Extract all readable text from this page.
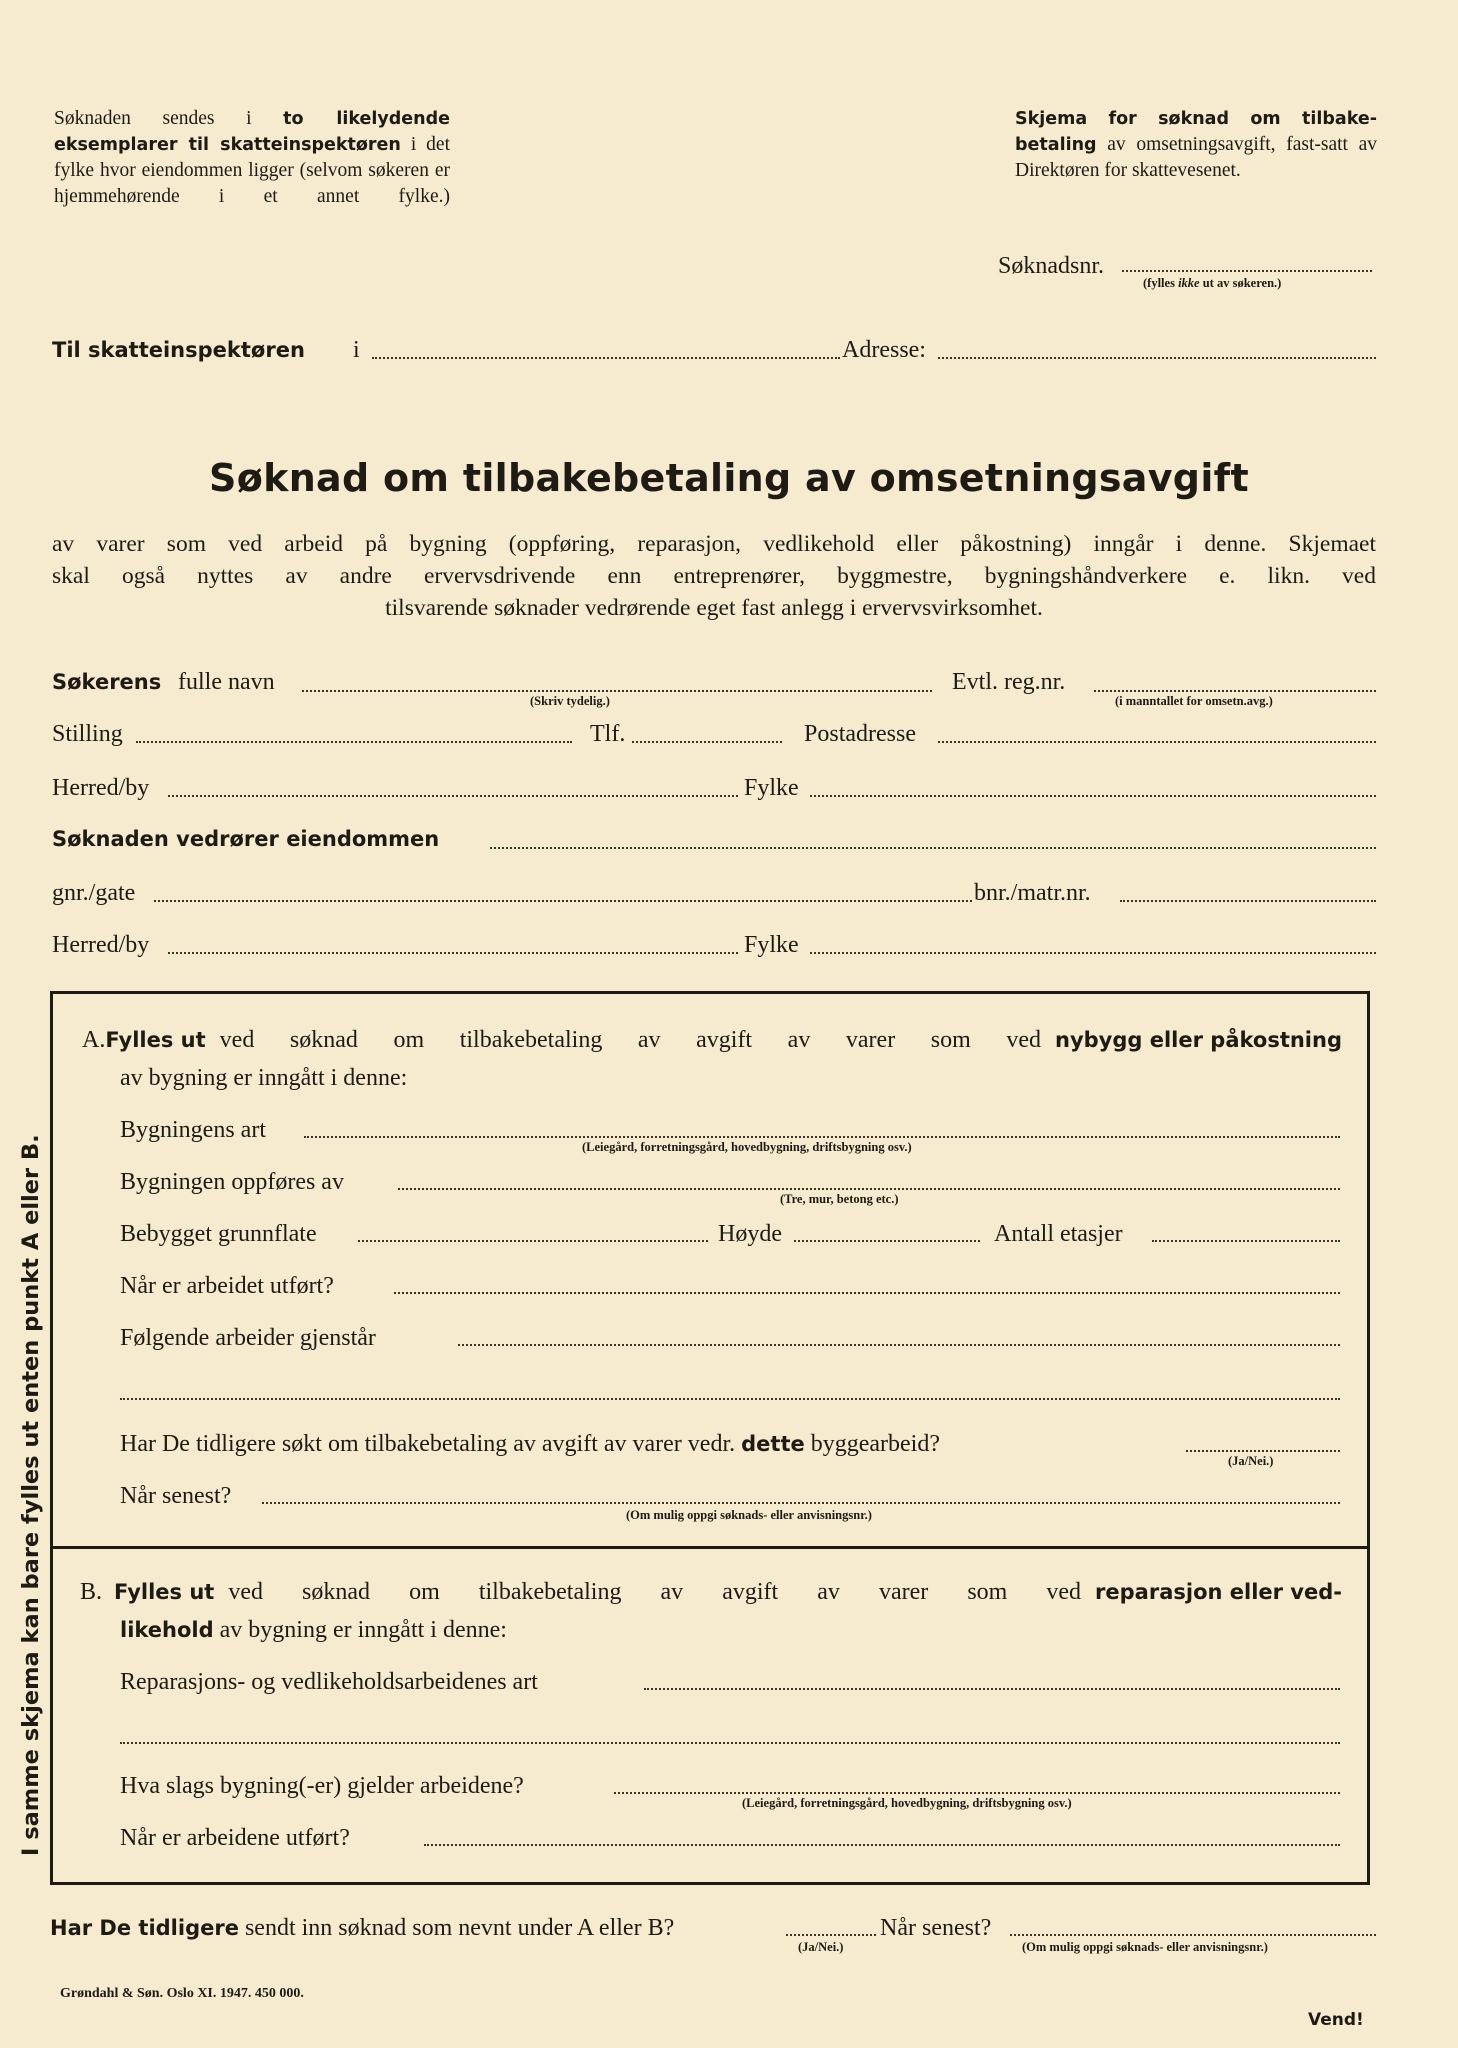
Søknaden sendes i to likelydende eksemplarer til skatteinspektøren i det fylke hvor eiendommen ligger (selvom søkeren er hjemmehørende i et annet fylke.)
Skjema for søknad om tilbake-betaling av omsetningsavgift, fast-satt av Direktøren for skattevesenet.
Søknadsnr.
(fylles ikke ut av søkeren.)
Til skatteinspektøren i	Adresse:
Søknad om tilbakebetaling av omsetningsavgift
av varer som ved arbeid på bygning (oppføring, reparasjon, vedlikehold eller påkostning) inngår i denne. Skjemaet
skal også nyttes av andre ervervsdrivende enn entreprenører, byggmestre, bygningshåndverkere e. likn. ved
tilsvarende søknader vedrørende eget fast anlegg i ervervsvirksomhet.
Søkerens fulle navn
(Skriv tydelig.)
Evtl. reg.nr.
(i manntallet for omsetn.avg.)
Stilling	Tlf.	Postadresse
Herred/by	Fylke
Søknaden vedrører eiendommen
gnr./gate	bnr./matr.nr.
Herred/by	Fylke
A. Fylles ut ved søknad om tilbakebetaling av avgift av varer som ved nybygg eller påkostning
av bygning er inngått i denne:
Bygningens art
(Leiegård, forretningsgård, hovedbygning, driftsbygning osv.)
Bygningen oppføres av
(Tre, mur, betong etc.)
Bebygget grunnflate	Høyde	Antall etasjer
Når er arbeidet utført?
Følgende arbeider gjenstår
Har De tidligere søkt om tilbakebetaling av avgift av varer vedr. dette byggearbeid?
(Ja/Nei.)
Når senest?
(Om mulig oppgi søknads- eller anvisningsnr.)
B. Fylles ut ved søknad om tilbakebetaling av avgift av varer som ved reparasjon eller ved-
likehold av bygning er inngått i denne:
Reparasjons- og vedlikeholdsarbeidenes art
Hva slags bygning(-er) gjelder arbeidene?
(Leiegård, forretningsgård, hovedbygning, driftsbygning osv.)
Når er arbeidene utført?
Har De tidligere sendt inn søknad som nevnt under A eller B?
(Ja/Nei.)
Når senest?
(Om mulig oppgi søknads- eller anvisningsnr.)
I samme skjema kan bare fylles ut enten punkt A eller B.
Grøndahl & Søn. Oslo XI. 1947. 450 000.
Vend!
